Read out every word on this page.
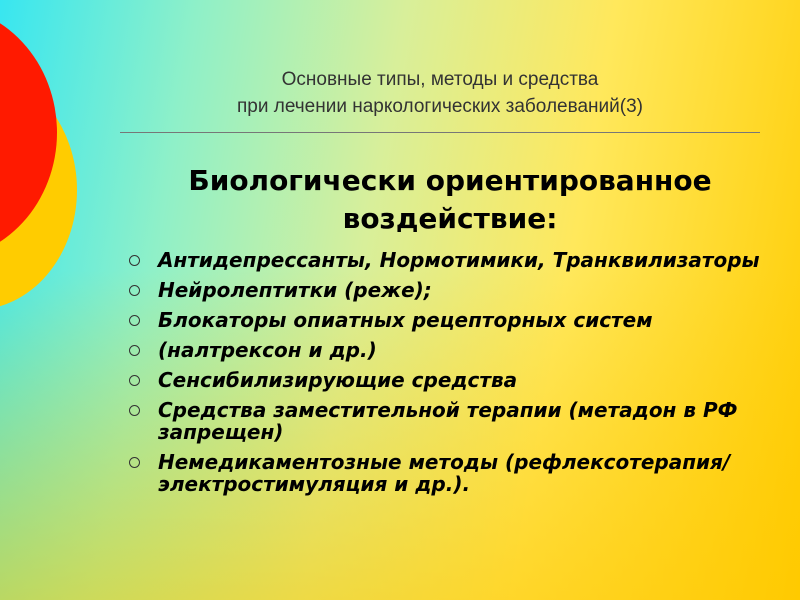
Основные типы, методы и средства
при лечении наркологических заболеваний(3)
Биологически ориентированное
воздействие:
Антидепрессанты, Нормотимики, Транквилизаторы
Нейролептитки (реже);
Блокаторы опиатных рецепторных систем
(налтрексон и др.)
Сенсибилизирующие средства
Средства заместительной терапии (метадон в РФ запрещен)
Немедикаментозные методы (рефлексотерапия/электростимуляция и др.).
